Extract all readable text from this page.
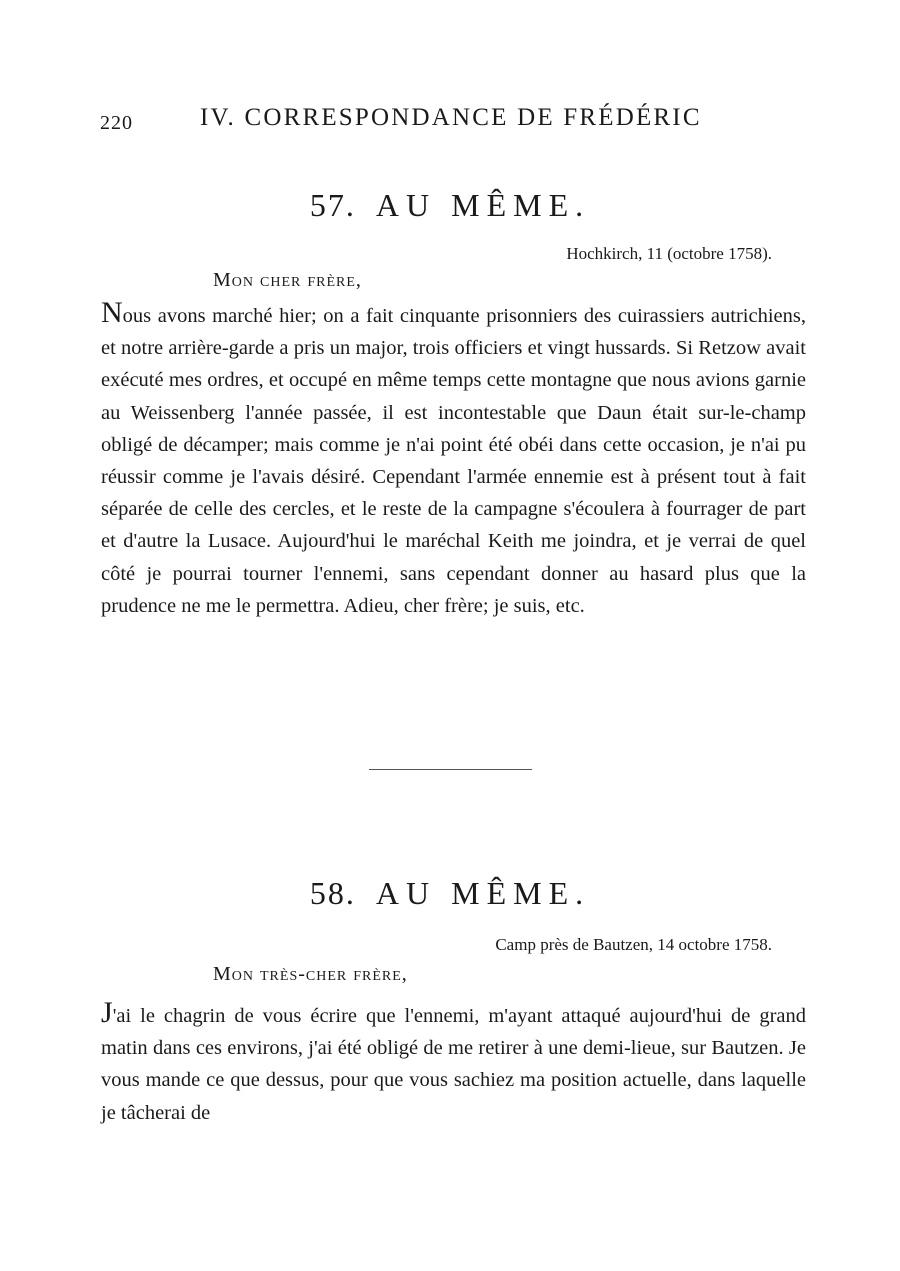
220	IV. CORRESPONDANCE DE FRÉDÉRIC
57. AU MÊME.
Hochkirch, 11 (octobre 1758).
Mon cher frère,

Nous avons marché hier; on a fait cinquante prisonniers des cuirassiers autrichiens, et notre arrière-garde a pris un major, trois officiers et vingt hussards. Si Retzow avait exécuté mes ordres, et occupé en même temps cette montagne que nous avions garnie au Weissenberg l'année passée, il est incontestable que Daun était sur-le-champ obligé de décamper; mais comme je n'ai point été obéi dans cette occasion, je n'ai pu réussir comme je l'avais désiré. Cependant l'armée ennemie est à présent tout à fait séparée de celle des cercles, et le reste de la campagne s'écoulera à fourrager de part et d'autre la Lusace. Aujourd'hui le maréchal Keith me joindra, et je verrai de quel côté je pourrai tourner l'ennemi, sans cependant donner au hasard plus que la prudence ne me le permettra. Adieu, cher frère; je suis, etc.

58. AU MÊME.
Camp près de Bautzen, 14 octobre 1758.
Mon très-cher frère,

J'ai le chagrin de vous écrire que l'ennemi, m'ayant attaqué aujourd'hui de grand matin dans ces environs, j'ai été obligé de me retirer à une demi-lieue, sur Bautzen. Je vous mande ce que dessus, pour que vous sachiez ma position actuelle, dans laquelle je tâcherai de
